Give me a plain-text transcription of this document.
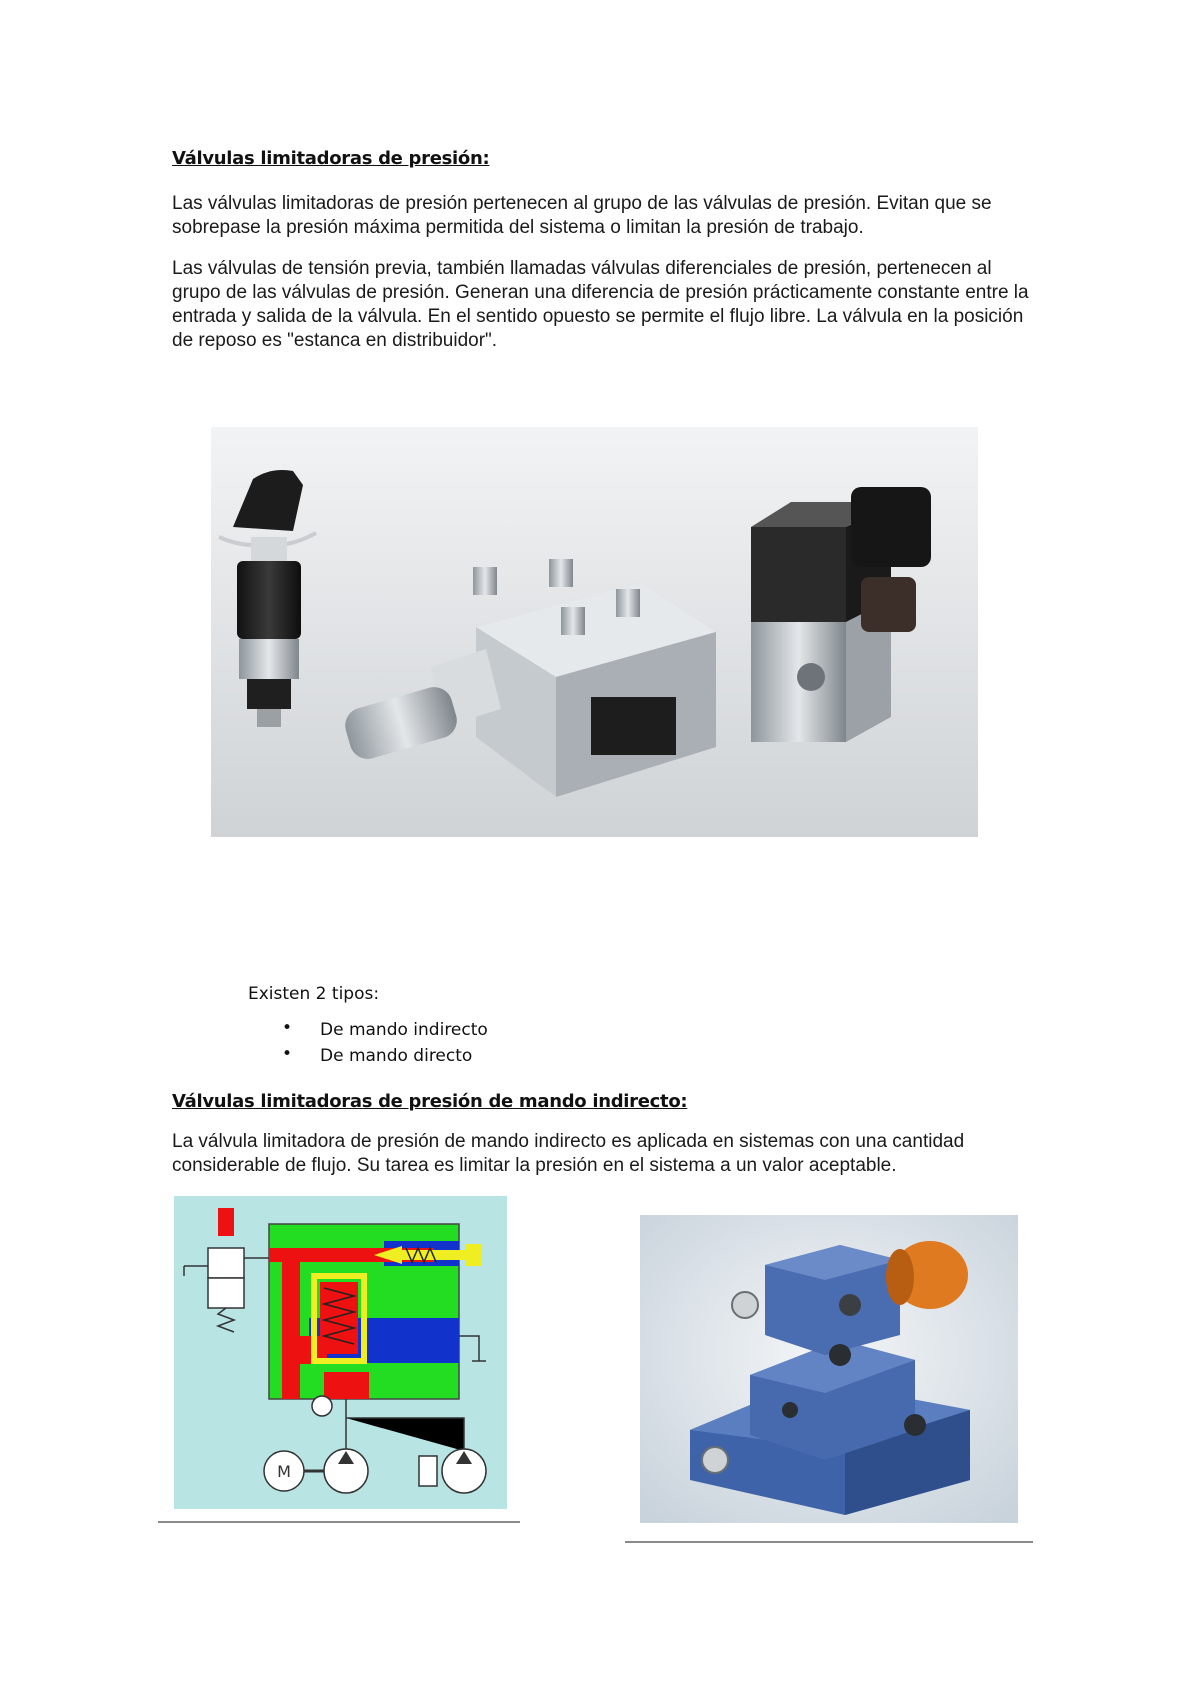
Válvulas limitadoras de presión:

Las válvulas limitadoras de presión pertenecen al grupo de las válvulas de presión. Evitan que se sobrepase la presión máxima permitida del sistema o limitan la presión de trabajo.

Las válvulas de tensión previa, también llamadas válvulas diferenciales de presión, pertenecen al grupo de las válvulas de presión. Generan una diferencia de presión prácticamente constante entre la entrada y salida de la válvula. En el sentido opuesto se permite el flujo libre. La válvula en la posición de reposo es "estanca en distribuidor".

Existen 2 tipos:
• De mando indirecto
• De mando directo
Válvulas limitadoras de presión de mando indirecto:

La válvula limitadora de presión de mando indirecto es aplicada en sistemas con una cantidad considerable de flujo. Su tarea es limitar la presión en el sistema a un valor aceptable.

M
